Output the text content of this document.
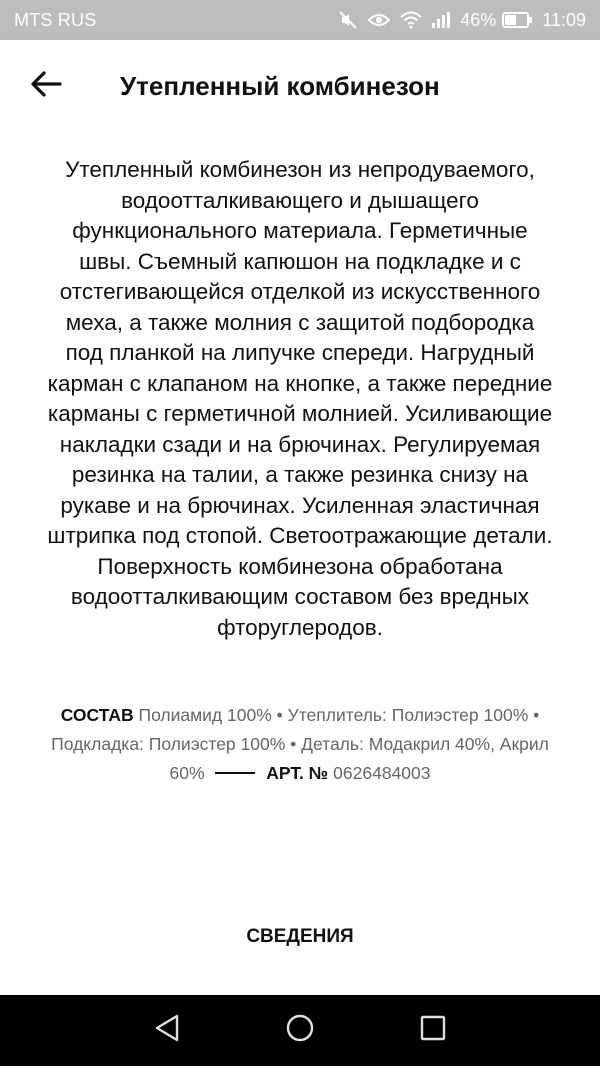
MTS RUS	46%	11:09
Утепленный комбинезон

Утепленный комбинезон из непродуваемого, водоотталкивающего и дышащего функционального материала. Герметичные швы. Съемный капюшон на подкладке и с отстегивающейся отделкой из искусственного меха, а также молния с защитой подбородка под планкой на липучке спереди. Нагрудный карман с клапаном на кнопке, а также передние карманы с герметичной молнией. Усиливающие накладки сзади и на брючинах. Регулируемая резинка на талии, а также резинка снизу на рукаве и на брючинах. Усиленная эластичная штрипка под стопой. Светоотражающие детали. Поверхность комбинезона обработана водоотталкивающим составом без вредных фторуглеродов.

СОСТАВ Полиамид 100% • Утеплитель: Полиэстер 100% • Подкладка: Полиэстер 100% • Деталь: Модакрил 40%, Акрил 60%	АРТ. № 0626484003

СВЕДЕНИЯ
